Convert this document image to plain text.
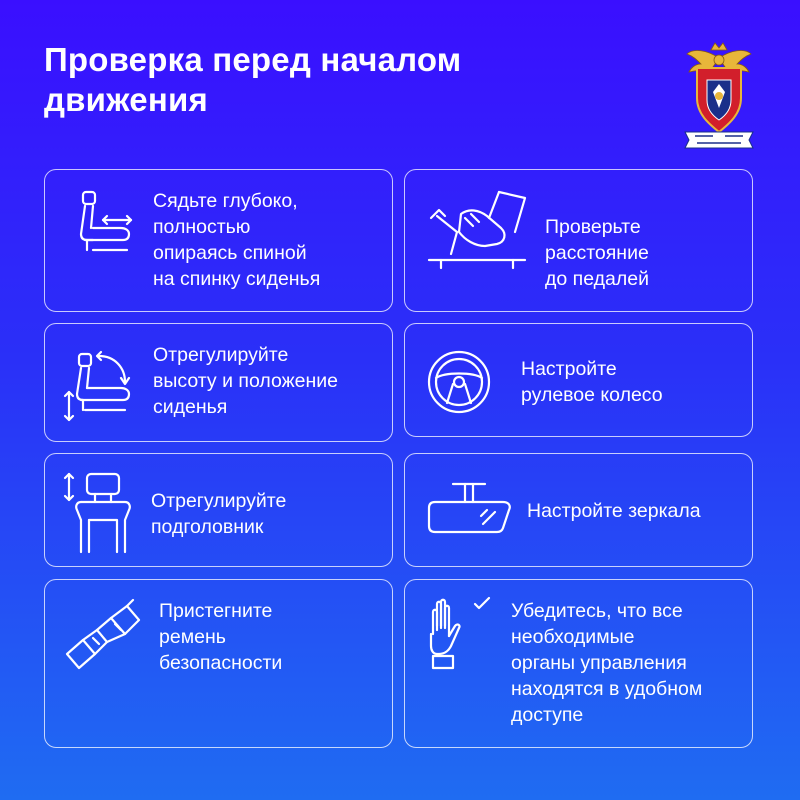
Проверка перед началом
движения
Сядьте глубоко,
полностью
опираясь спиной
на спинку сиденья
Проверьте
расстояние
до педалей
Отрегулируйте
высоту и положение
сиденья
Настройте
рулевое колесо
Отрегулируйте
подголовник
Настройте зеркала
Пристегните
ремень
безопасности
Убедитесь, что все
необходимые
органы управления
находятся в удобном
доступе
